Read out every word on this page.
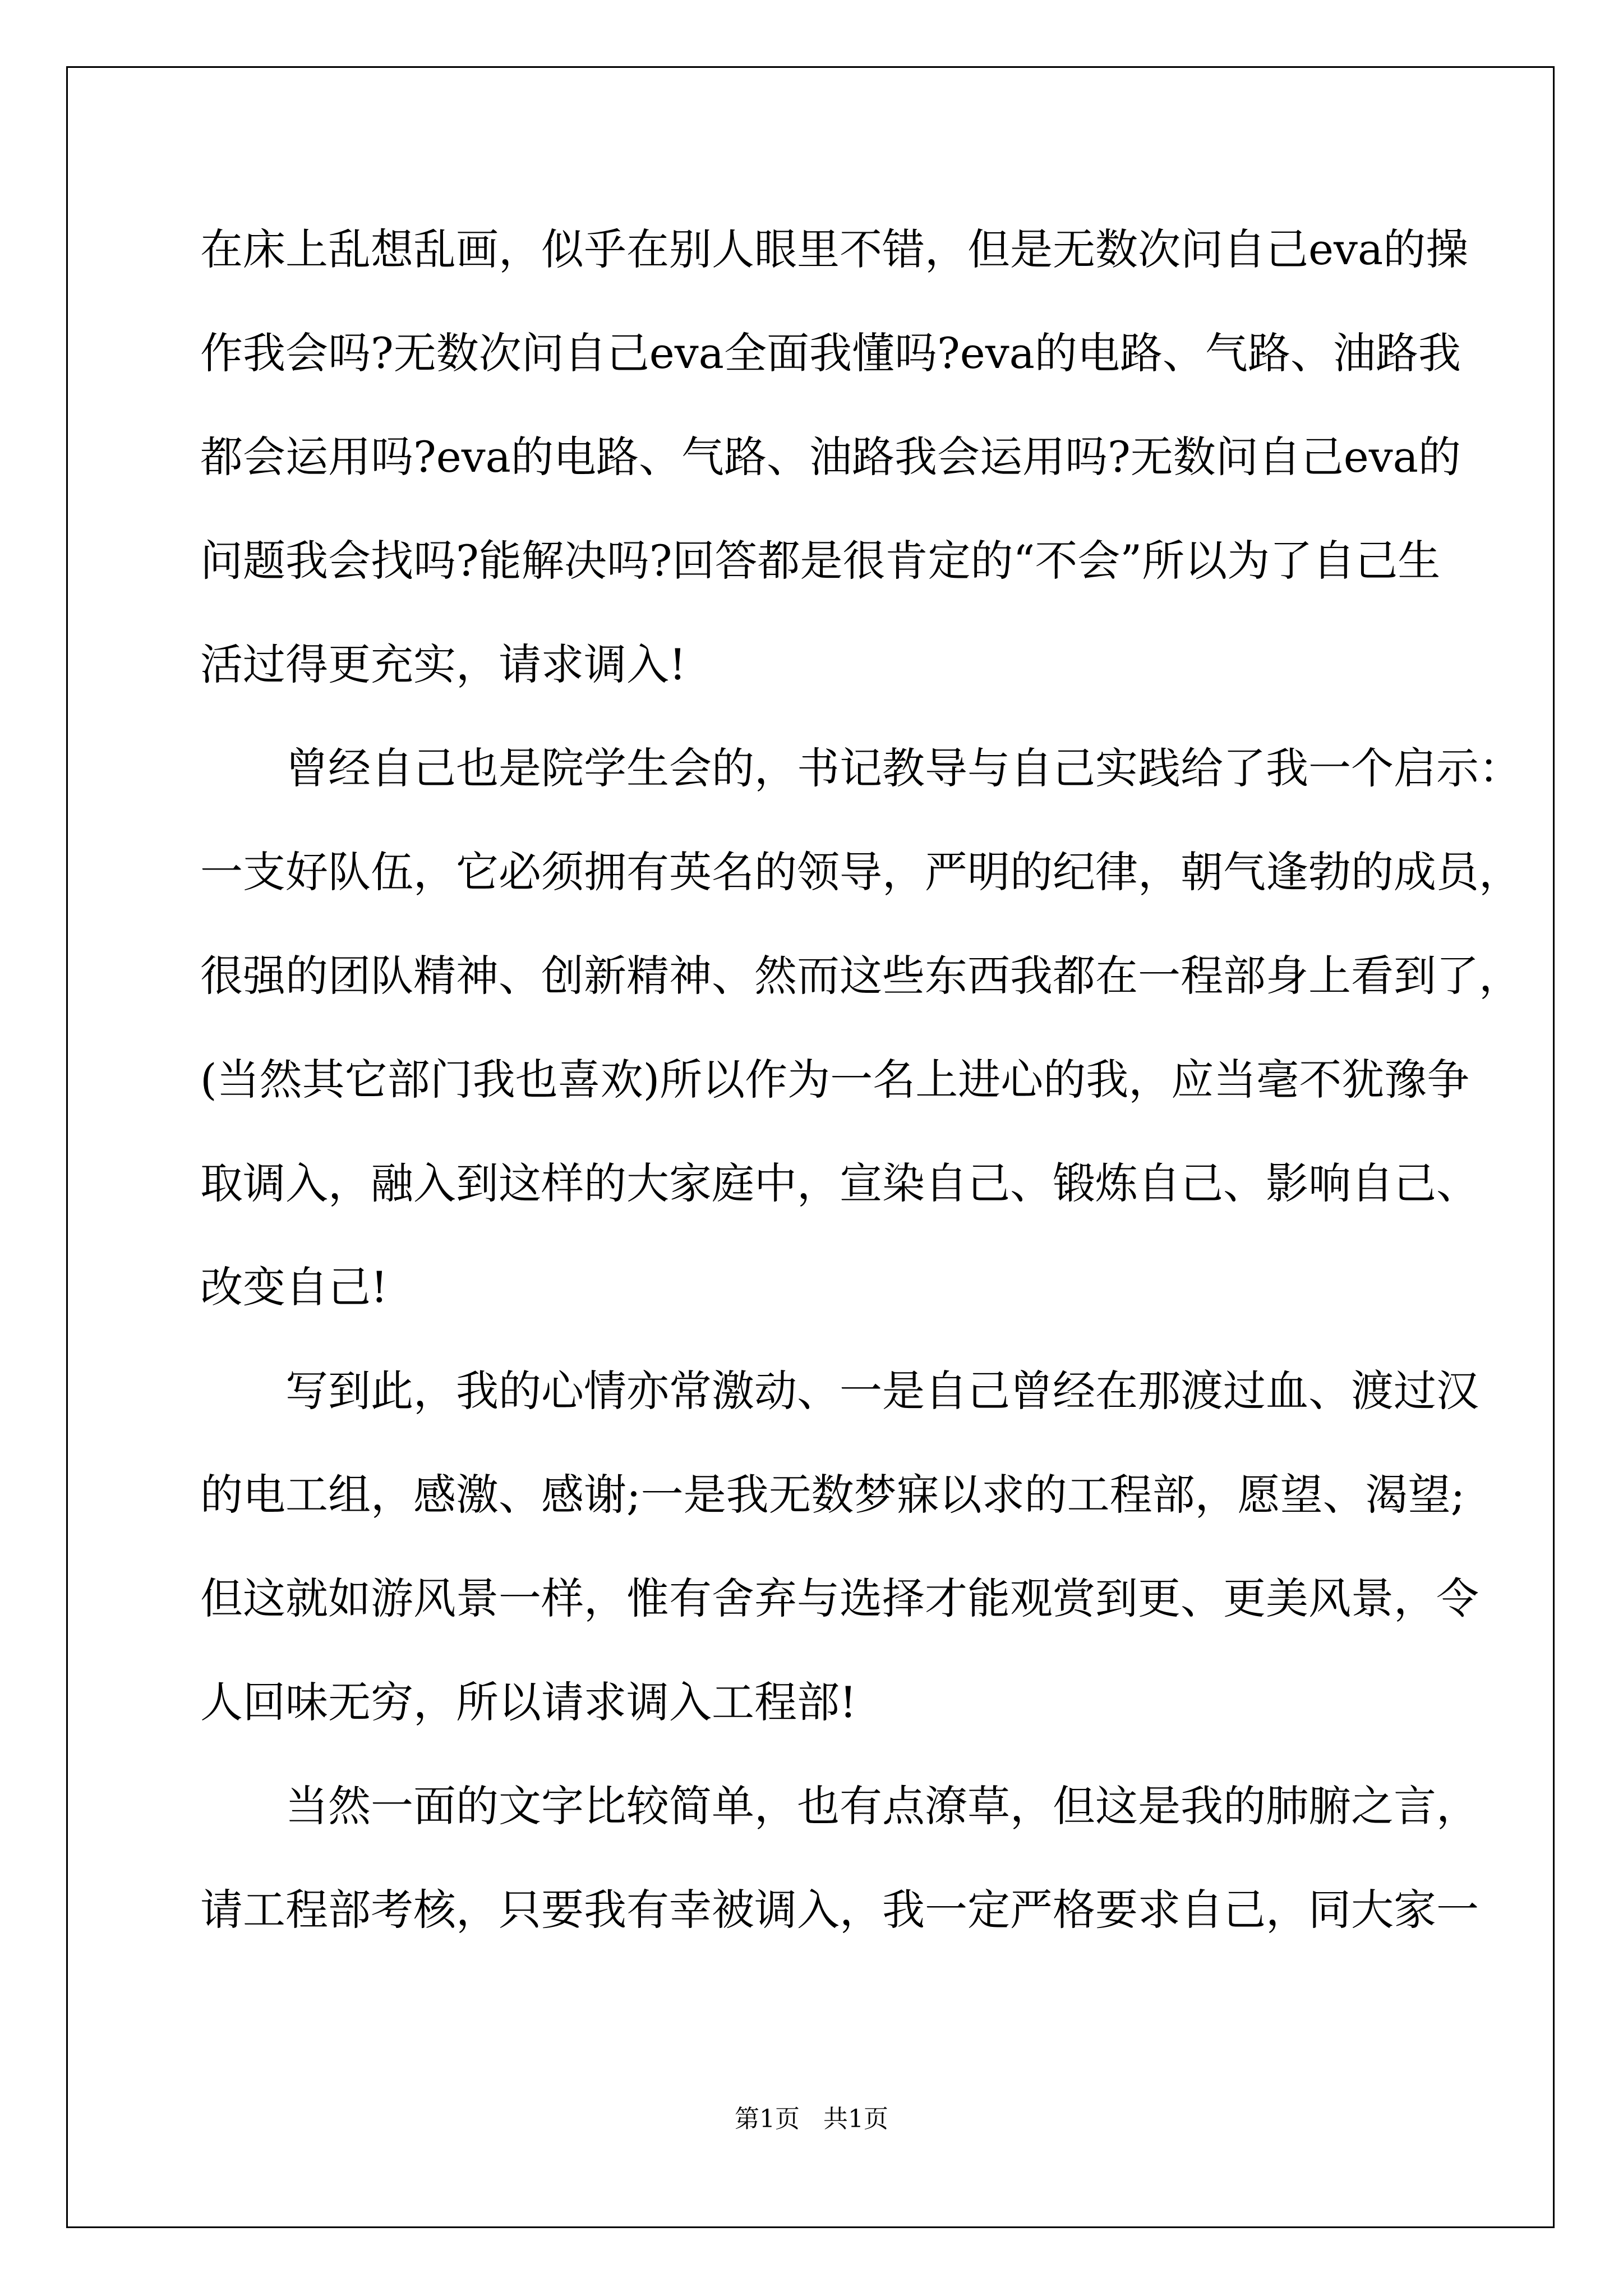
在床上乱想乱画，似乎在别人眼里不错，但是无数次问自己eva的操
作我会吗?无数次问自己eva全面我懂吗?eva的电路、气路、油路我
都会运用吗?eva的电路、气路、油路我会运用吗?无数问自己eva的
问题我会找吗?能解决吗?回答都是很肯定的“不会”所以为了自己生
活过得更充实，请求调入!
曾经自己也是院学生会的，书记教导与自己实践给了我一个启示：
一支好队伍，它必须拥有英名的领导，严明的纪律，朝气逢勃的成员，
很强的团队精神、创新精神、然而这些东西我都在一程部身上看到了，
(当然其它部门我也喜欢)所以作为一名上进心的我，应当毫不犹豫争
取调入，融入到这样的大家庭中，宣染自己、锻炼自己、影响自己、
改变自己!
写到此，我的心情亦常激动、一是自己曾经在那渡过血、渡过汉
的电工组，感激、感谢;一是我无数梦寐以求的工程部，愿望、渴望;
但这就如游风景一样，惟有舍弃与选择才能观赏到更、更美风景，令
人回味无穷，所以请求调入工程部!
当然一面的文字比较简单，也有点潦草，但这是我的肺腑之言，
请工程部考核，只要我有幸被调入，我一定严格要求自己，同大家一
第1页 共1页
